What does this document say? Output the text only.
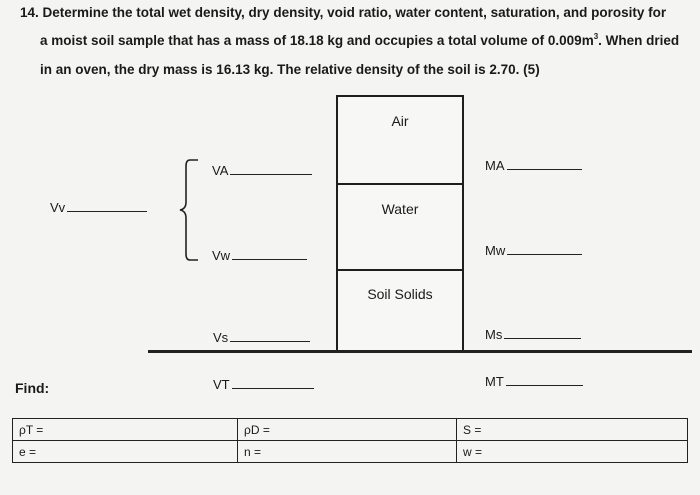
14. Determine the total wet density, dry density, void ratio, water content, saturation, and porosity for
a moist soil sample that has a mass of 18.18 kg and occupies a total volume of $0.009m^3$. When dried
in an oven, the dry mass is 16.13 kg. The relative density of the soil is 2.70. (5)
Air
Water
Soil Solids
Vv
VA
Vw
Vs
VT
MA
Mw
Ms
MT
Find:
ρT =	ρD =	S =
e =	n =	w =
